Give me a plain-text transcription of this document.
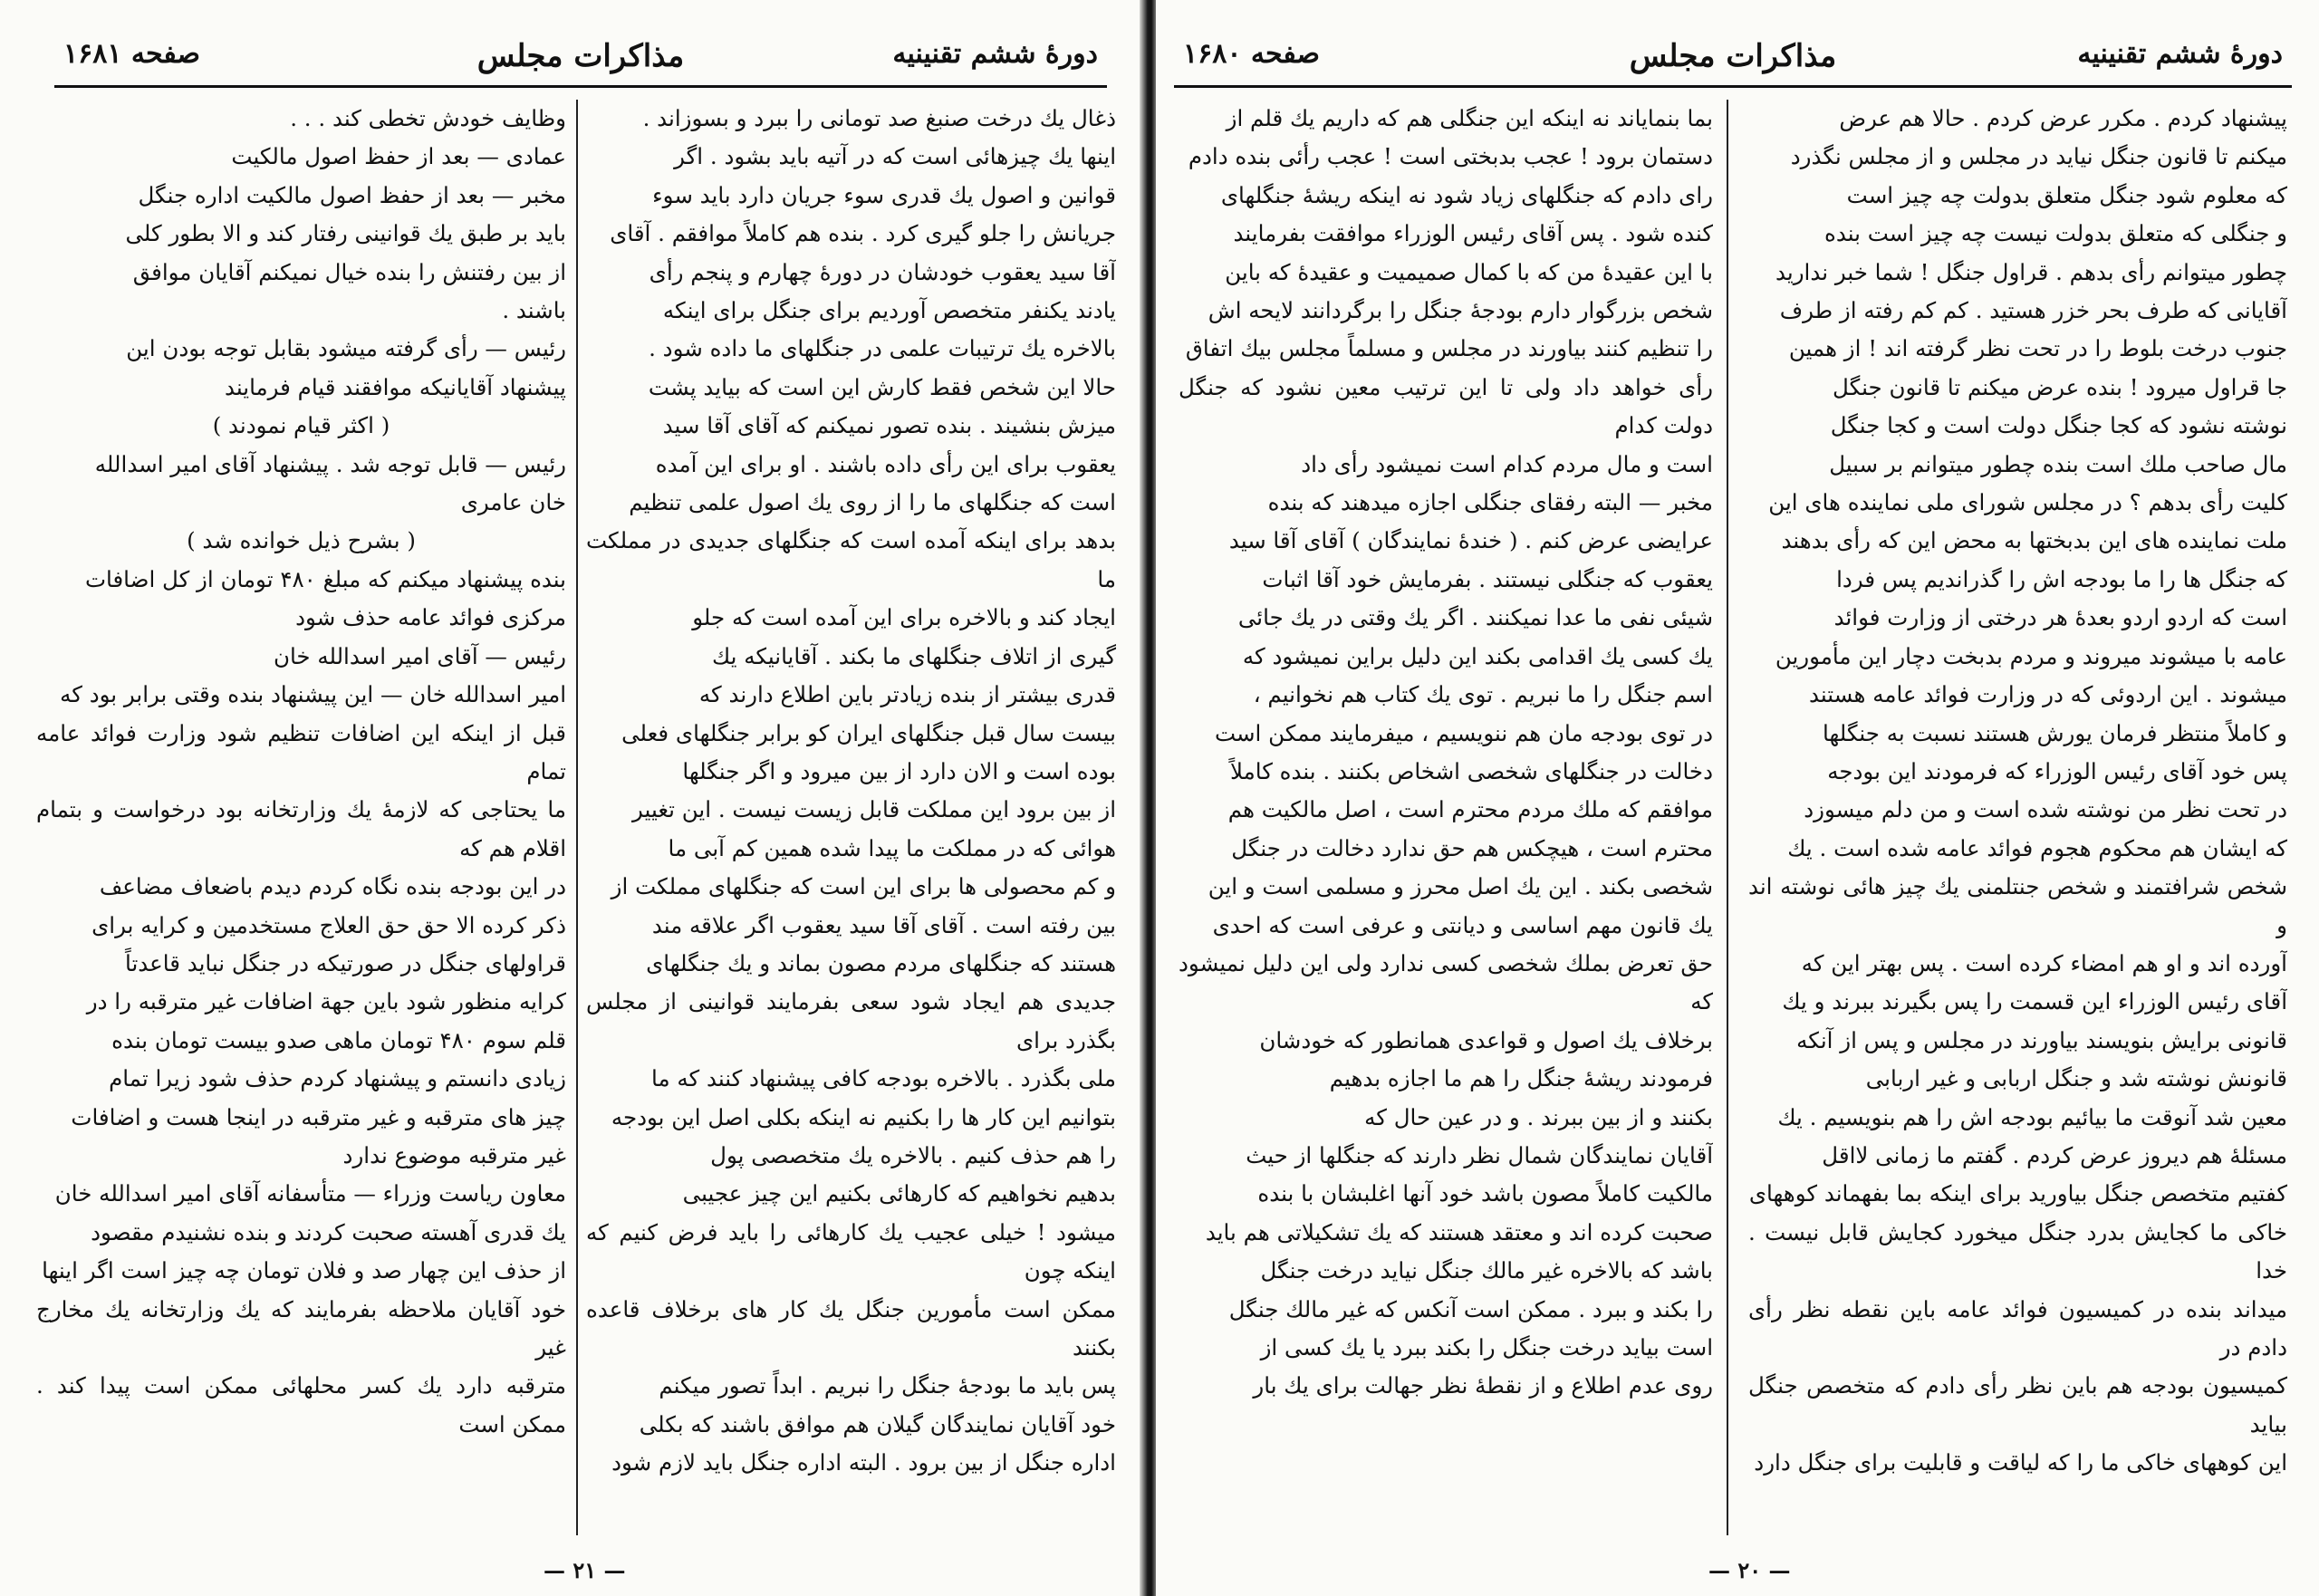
دورهٔ ششم تقنینیه
مذاکرات مجلس
صفحه ۱۶۸۱

ذغال یك درخت صنبغ صد تومانی را ببرد و بسوزاند .

اینها یك چیزهائی است که در آتیه باید بشود . اگر

قوانین و اصول یك قدری سوء جریان دارد باید سوء

جریانش را جلو گیری کرد . بنده هم کاملاً موافقم . آقای

آقا سید یعقوب خودشان در دورهٔ چهارم و پنجم رأی

یادند یکنفر متخصص آوردیم برای جنگل برای اینکه

بالاخره یك ترتیبات علمی در جنگلهای ما داده شود .

حالا این شخص فقط کارش این است که بیاید پشت

میزش بنشیند . بنده تصور نمیکنم که آقای آقا سید

یعقوب برای این رأی داده باشند . او برای این آمده

است که جنگلهای ما را از روی یك اصول علمی تنظیم

بدهد برای اینکه آمده است که جنگلهای جدیدی در مملکت ما

ایجاد کند و بالاخره برای این آمده است که جلو

گیری از اتلاف جنگلهای ما بکند . آقایانیکه یك

قدری بیشتر از بنده زیادتر باین اطلاع دارند که

بیست سال قبل جنگلهای ایران کو برابر جنگلهای فعلی

بوده است و الان دارد از بین میرود و اگر جنگلها

از بین برود این مملکت قابل زیست نیست . این تغییر

هوائی که در مملکت ما پیدا شده همین کم آبی ما

و کم محصولی ها برای این است که جنگلهای مملکت از

بین رفته است . آقای آقا سید یعقوب اگر علاقه مند

هستند که جنگلهای مردم مصون بماند و یك جنگلهای

جدیدی هم ایجاد شود سعی بفرمایند قوانینی از مجلس بگذرد برای

ملی بگذرد . بالاخره بودجه کافی پیشنهاد کنند که ما

بتوانیم این کار ها را بکنیم نه اینکه بکلی اصل این بودجه

را هم حذف کنیم . بالاخره یك متخصصی پول

بدهیم نخواهیم که کارهائی بکنیم این چیز عجیبی

میشود ! خیلی عجیب یك کارهائی را باید فرض کنیم که اینکه چون

ممکن است مأمورین جنگل یك کار های برخلاف قاعده بکنند

پس باید ما بودجهٔ جنگل را نبریم . ابداً تصور میکنم

خود آقایان نمایندگان گیلان هم موافق باشند که بکلی

اداره جنگل از بین برود . البته اداره جنگل باید لازم شود

وظایف خودش تخطی کند . . .

عمادی — بعد از حفظ اصول مالکیت

مخبر — بعد از حفظ اصول مالکیت اداره جنگل

باید بر طبق یك قوانینی رفتار کند و الا بطور کلی

از بین رفتنش را بنده خیال نمیکنم آقایان موافق

باشند .

رئیس — رأی گرفته میشود بقابل توجه بودن این

پیشنهاد آقایانیکه موافقند قیام فرمایند

( اکثر قیام نمودند )

رئیس — قابل توجه شد . پیشنهاد آقای امیر اسدالله

خان عامری

( بشرح ذیل خوانده شد )

بنده پیشنهاد میکنم که مبلغ ۴۸۰ تومان از کل اضافات

مرکزی فوائد عامه حذف شود

رئیس — آقای امیر اسدالله خان

امیر اسدالله خان — این پیشنهاد بنده وقتی برابر بود که

قبل از اینکه این اضافات تنظیم شود وزارت فوائد عامه تمام

ما یحتاجی که لازمهٔ یك وزارتخانه بود درخواست و بتمام اقلام هم که

در این بودجه بنده نگاه کردم دیدم باضعاف مضاعف

ذکر کرده الا حق حق العلاج مستخدمین و کرایه برای

قراولهای جنگل در صورتیکه در جنگل نباید قاعدتاً

کرایه منظور شود باین جهة اضافات غیر مترقبه را در

قلم سوم ۴۸۰ تومان ماهی صدو بیست تومان بنده

زیادی دانستم و پیشنهاد کردم حذف شود زیرا تمام

چیز های مترقبه و غیر مترقبه در اینجا هست و اضافات

غیر مترقبه موضوع ندارد

معاون ریاست وزراء — متأسفانه آقای امیر اسدالله خان

یك قدری آهسته صحبت کردند و بنده نشنیدم مقصود

از حذف این چهار صد و فلان تومان چه چیز است اگر اینها

خود آقایان ملاحظه بفرمایند که یك وزارتخانه یك مخارج غیر

مترقبه دارد یك کسر محلهائی ممکن است پیدا کند . ممکن است

— ۲۱ —
دورهٔ ششم تقنینیه
مذاکرات مجلس
صفحه ۱۶۸۰

پیشنهاد کردم . مکرر عرض کردم . حالا هم عرض

میکنم تا قانون جنگل نیاید در مجلس و از مجلس نگذرد

که معلوم شود جنگل متعلق بدولت چه چیز است

و جنگلی که متعلق بدولت نیست چه چیز است بنده

چطور میتوانم رأی بدهم . قراول جنگل ! شما خبر ندارید

آقایانی که طرف بحر خزر هستید . کم کم رفته از طرف

جنوب درخت بلوط را در تحت نظر گرفته اند ! از همین

جا قراول میرود ! بنده عرض میکنم تا قانون جنگل

نوشته نشود که کجا جنگل دولت است و کجا جنگل

مال صاحب ملك است بنده چطور میتوانم بر سبیل

کلیت رأی بدهم ؟ در مجلس شورای ملی نماینده های این

ملت نماینده های این بدبختها به محض این که رأی بدهند

که جنگل ها را ما بودجه اش را گذراندیم پس فردا

است که اردو اردو بعدهٔ هر درختی از وزارت فوائد

عامه با میشوند میروند و مردم بدبخت دچار این مأمورین

میشوند . این اردوئی که در وزارت فوائد عامه هستند

و کاملاً منتظر فرمان یورش هستند نسبت به جنگلها

پس خود آقای رئیس الوزراء که فرمودند این بودجه

در تحت نظر من نوشته شده است و من دلم میسوزد

که ایشان هم محکوم هجوم فوائد عامه شده است . یك

شخص شرافتمند و شخص جنتلمنی یك چیز هائی نوشته اند و

آورده اند و او هم امضاء کرده است . پس بهتر این که

آقای رئیس الوزراء این قسمت را پس بگیرند ببرند و یك

قانونی برایش بنویسند بیاورند در مجلس و پس از آنکه

قانونش نوشته شد و جنگل اربابی و غیر اربابی

معین شد آنوقت ما بیائیم بودجه اش را هم بنویسیم . یك

مسئلهٔ هم دیروز عرض کردم . گفتم ما زمانی لااقل

کفتیم متخصص جنگل بیاورید برای اینکه بما بفهماند کوههای

خاکی ما کجایش بدرد جنگل میخورد کجایش قابل نیست . خدا

میداند بنده در کمیسیون فوائد عامه باین نقطه نظر رأی دادم در

کمیسیون بودجه هم باین نظر رأی دادم که متخصص جنگل بیاید

این کوههای خاکی ما را که لیاقت و قابلیت برای جنگل دارد

بما بنمایاند نه اینکه این جنگلی هم که داریم یك قلم از

دستمان برود ! عجب بدبختی است ! عجب رأئی بنده دادم

رای دادم که جنگلهای زیاد شود نه اینکه ریشهٔ جنگلهای

کنده شود . پس آقای رئیس الوزراء موافقت بفرمایند

با این عقیدهٔ من که با کمال صمیمیت و عقیدهٔ که باین

شخص بزرگوار دارم بودجهٔ جنگل را برگردانند لایحه اش

را تنظیم کنند بیاورند در مجلس و مسلماً مجلس بیك اتفاق

رأی خواهد داد ولی تا این ترتیب معین نشود که جنگل دولت کدام

است و مال مردم کدام است نمیشود رأی داد

مخبر — البته رفقای جنگلی اجازه میدهند که بنده

عرایضی عرض کنم . ( خندهٔ نمایندگان ) آقای آقا سید

یعقوب که جنگلی نیستند . بفرمایش خود آقا اثبات

شیئی نفی ما عدا نمیکنند . اگر یك وقتی در یك جائی

یك کسی یك اقدامی بکند این دلیل براین نمیشود که

اسم جنگل را ما نبریم . توی یك کتاب هم نخوانیم ،

در توی بودجه مان هم ننویسیم ، میفرمایند ممکن است

دخالت در جنگلهای شخصی اشخاص بکنند . بنده کاملاً

موافقم که ملك مردم محترم است ، اصل مالکیت هم

محترم است ، هیچکس هم حق ندارد دخالت در جنگل

شخصی بکند . این یك اصل محرز و مسلمی است و این

یك قانون مهم اساسی و دیانتی و عرفی است که احدی

حق تعرض بملك شخصی کسی ندارد ولی این دلیل نمیشود که

برخلاف یك اصول و قواعدی همانطور که خودشان

فرمودند ریشهٔ جنگل را هم ما اجازه بدهیم

بکنند و از بین ببرند . و در عین حال که

آقایان نمایندگان شمال نظر دارند که جنگلها از حیث

مالکیت کاملاً مصون باشد خود آنها اغلبشان با بنده

صحبت کرده اند و معتقد هستند که یك تشکیلاتی هم باید

باشد که بالاخره غیر مالك جنگل نیاید درخت جنگل

را بکند و ببرد . ممکن است آنکس که غیر مالك جنگل

است بیاید درخت جنگل را بکند ببرد یا یك کسی از

روی عدم اطلاع و از نقطهٔ نظر جهالت برای یك بار

— ۲۰ —
